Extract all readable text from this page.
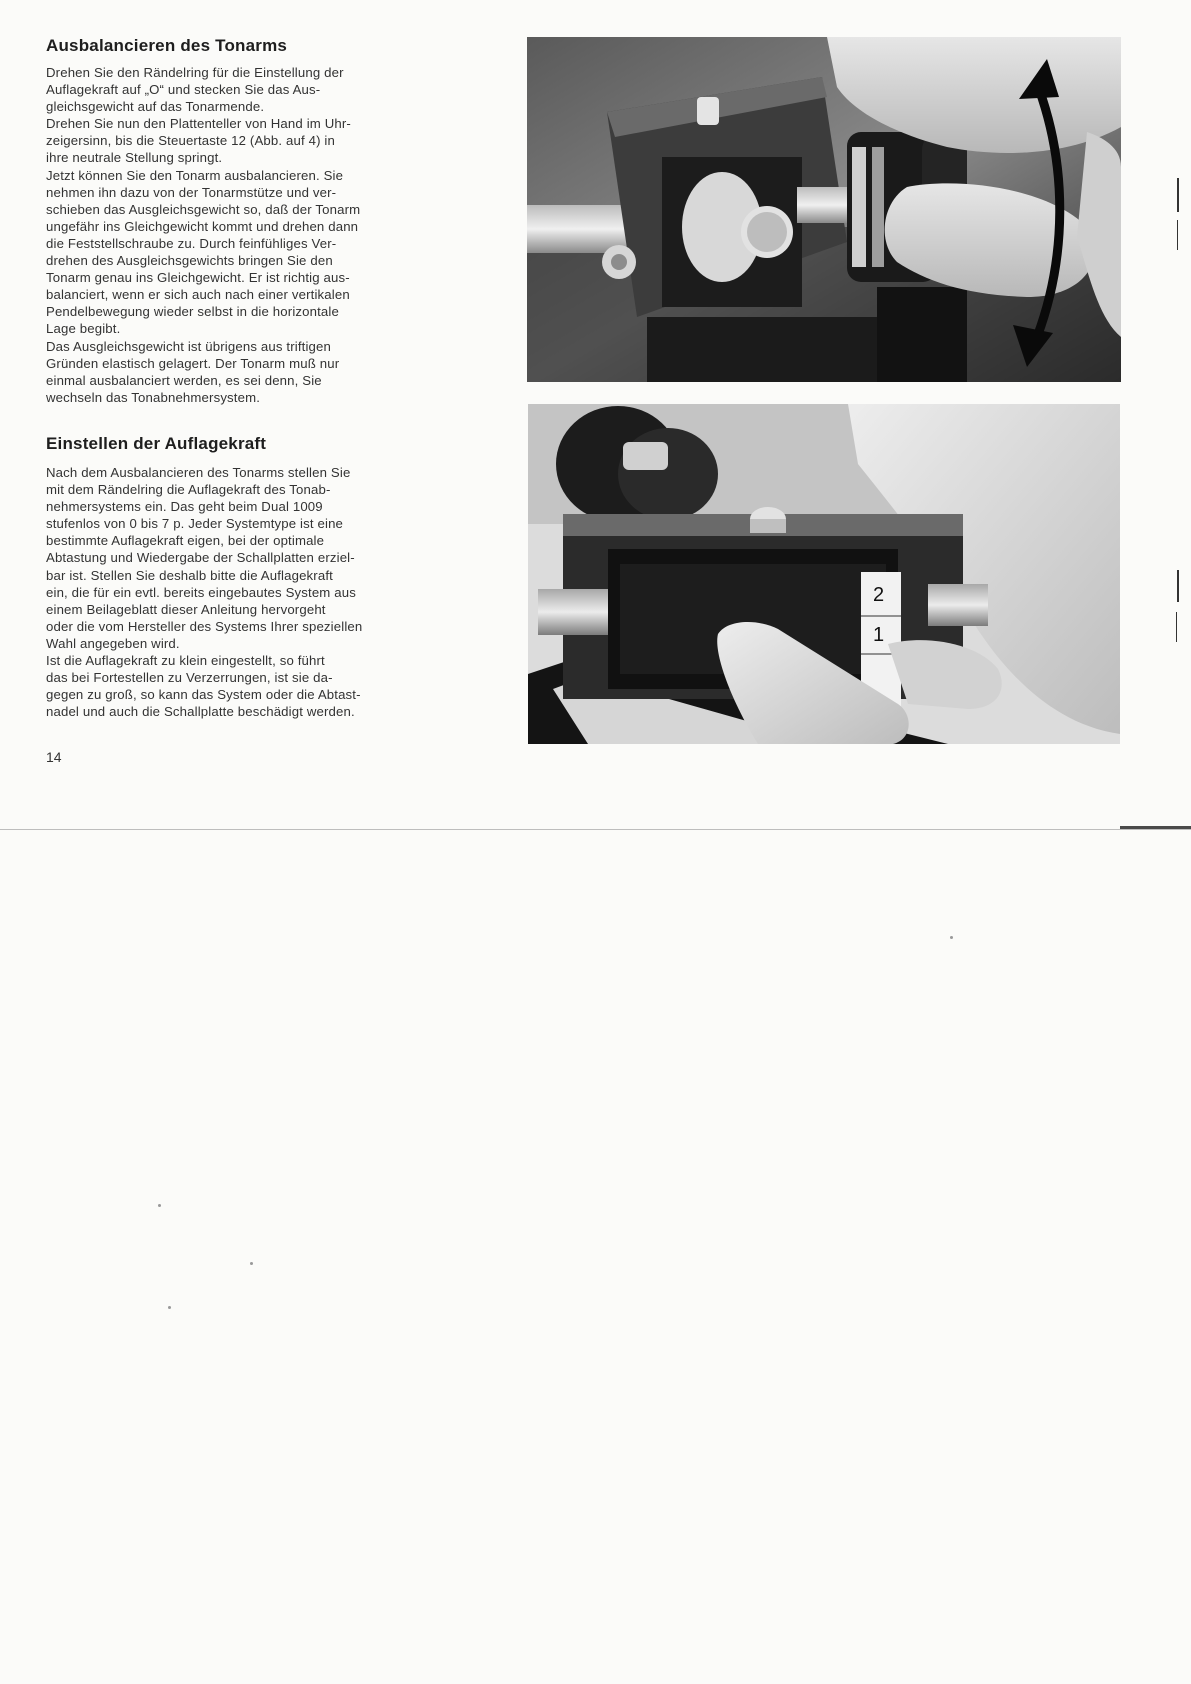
Ausbalancieren des Tonarms

Drehen Sie den Rändelring für die Einstellung der
Auflagekraft auf „O“ und stecken Sie das Aus-
gleichsgewicht auf das Tonarmende.
Drehen Sie nun den Plattenteller von Hand im Uhr-
zeigersinn, bis die Steuertaste 12 (Abb. auf 4) in
ihre neutrale Stellung springt.
Jetzt können Sie den Tonarm ausbalancieren. Sie
nehmen ihn dazu von der Tonarmstütze und ver-
schieben das Ausgleichsgewicht so, daß der Tonarm
ungefähr ins Gleichgewicht kommt und drehen dann
die Feststellschraube zu. Durch feinfühliges Ver-
drehen des Ausgleichsgewichts bringen Sie den
Tonarm genau ins Gleichgewicht. Er ist richtig aus-
balanciert, wenn er sich auch nach einer vertikalen
Pendelbewegung wieder selbst in die horizontale
Lage begibt.
Das Ausgleichsgewicht ist übrigens aus triftigen
Gründen elastisch gelagert. Der Tonarm muß nur
einmal ausbalanciert werden, es sei denn, Sie
wechseln das Tonabnehmersystem.

Einstellen der Auflagekraft

Nach dem Ausbalancieren des Tonarms stellen Sie
mit dem Rändelring die Auflagekraft des Tonab-
nehmersystems ein. Das geht beim Dual 1009
stufenlos von 0 bis 7 p. Jeder Systemtype ist eine
bestimmte Auflagekraft eigen, bei der optimale
Abtastung und Wiedergabe der Schallplatten erziel-
bar ist. Stellen Sie deshalb bitte die Auflagekraft
ein, die für ein evtl. bereits eingebautes System aus
einem Beilageblatt dieser Anleitung hervorgeht
oder die vom Hersteller des Systems Ihrer speziellen
Wahl angegeben wird.
Ist die Auflagekraft zu klein eingestellt, so führt
das bei Fortestellen zu Verzerrungen, ist sie da-
gegen zu groß, so kann das System oder die Abtast-
nadel und auch die Schallplatte beschädigt werden.

14
2
1
